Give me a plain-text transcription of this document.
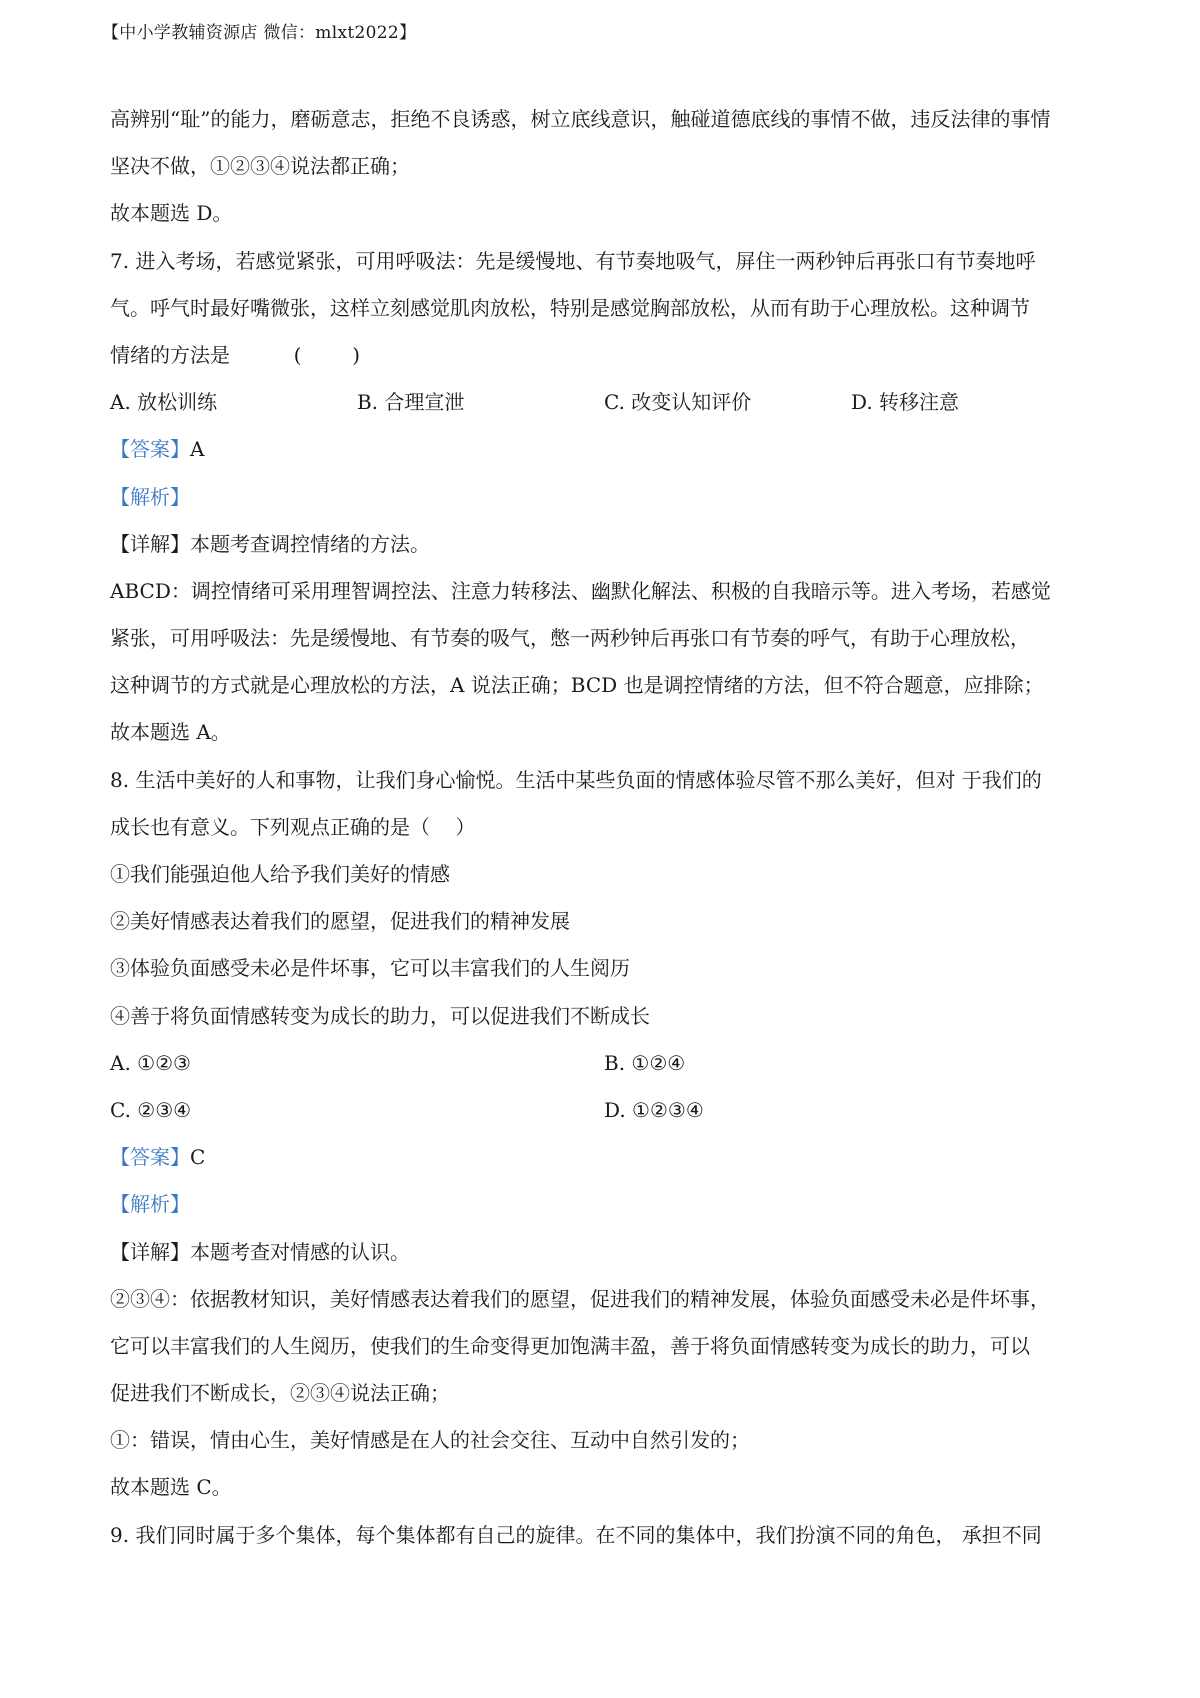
【中小学教辅资源店 微信：mlxt2022】
高辨别“耻”的能力，磨砺意志，拒绝不良诱惑，树立底线意识，触碰道德底线的事情不做，违反法律的事情
坚决不做，①②③④说法都正确；
故本题选 D。
7. 进入考场，若感觉紧张，可用呼吸法：先是缓慢地、有节奏地吸气，屏住一两秒钟后再张口有节奏地呼
气。呼气时最好嘴微张，这样立刻感觉肌肉放松，特别是感觉胸部放松，从而有助于心理放松。这种调节
情绪的方法是          (        )
A. 放松训练	B. 合理宣泄	C. 改变认知评价	D. 转移注意
【答案】A
【解析】
【详解】本题考查调控情绪的方法。
ABCD：调控情绪可采用理智调控法、注意力转移法、幽默化解法、积极的自我暗示等。进入考场，若感觉
紧张，可用呼吸法：先是缓慢地、有节奏的吸气，憋一两秒钟后再张口有节奏的呼气，有助于心理放松，
这种调节的方式就是心理放松的方法，A 说法正确；BCD 也是调控情绪的方法，但不符合题意，应排除；
故本题选 A。
8. 生活中美好的人和事物，让我们身心愉悦。生活中某些负面的情感体验尽管不那么美好，但对 于我们的
成长也有意义。下列观点正确的是（    ）
①我们能强迫他人给予我们美好的情感
②美好情感表达着我们的愿望，促进我们的精神发展
③体验负面感受未必是件坏事，它可以丰富我们的人生阅历
④善于将负面情感转变为成长的助力，可以促进我们不断成长
A. ①②③	B. ①②④
C. ②③④	D. ①②③④
【答案】C
【解析】
【详解】本题考查对情感的认识。
②③④：依据教材知识，美好情感表达着我们的愿望，促进我们的精神发展，体验负面感受未必是件坏事，
它可以丰富我们的人生阅历，使我们的生命变得更加饱满丰盈，善于将负面情感转变为成长的助力，可以
促进我们不断成长，②③④说法正确；
①：错误，情由心生，美好情感是在人的社会交往、互动中自然引发的；
故本题选 C。
9. 我们同时属于多个集体，每个集体都有自己的旋律。在不同的集体中，我们扮演不同的角色， 承担不同
